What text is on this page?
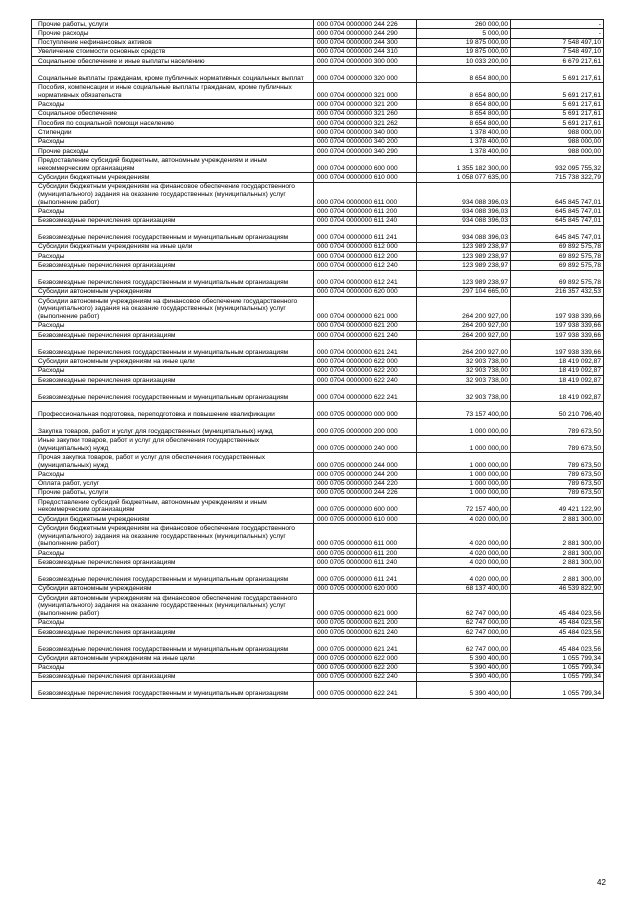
Прочие работы, услуги	000 0704 0000000 244 226	260 000,00	-
Прочие расходы	000 0704 0000000 244 290	5 000,00	-
Поступление нефинансовых активов	000 0704 0000000 244 300	19 875 000,00	7 548 497,10
Увеличение стоимости основных средств	000 0704 0000000 244 310	19 875 000,00	7 548 497,10
Социальное обеспечение и иные выплаты населению	000 0704 0000000 300 000	10 033 200,00	6 679 217,61
Социальные выплаты гражданам, кроме публичных нормативных социальных выплат	000 0704 0000000 320 000	8 654 800,00	5 691 217,61
Пособия, компенсации и иные социальные выплаты гражданам, кроме публичных нормативных обязательств	000 0704 0000000 321 000	8 654 800,00	5 691 217,61
Расходы	000 0704 0000000 321 200	8 654 800,00	5 691 217,61
Социальное обеспечение	000 0704 0000000 321 260	8 654 800,00	5 691 217,61
Пособия по социальной помощи населению	000 0704 0000000 321 262	8 654 800,00	5 691 217,61
Стипендии	000 0704 0000000 340 000	1 378 400,00	988 000,00
Расходы	000 0704 0000000 340 200	1 378 400,00	988 000,00
Прочие расходы	000 0704 0000000 340 290	1 378 400,00	988 000,00
Предоставление субсидий бюджетным, автономным учреждениям и иным некоммерческим организациям	000 0704 0000000 600 000	1 355 182 300,00	932 095 755,32
Субсидии бюджетным учреждениям	000 0704 0000000 610 000	1 058 077 635,00	715 738 322,79
Субсидии бюджетным учреждениям на финансовое обеспечение государственного (муниципального) задания на оказание государственных (муниципальных) услуг (выполнение работ)	000 0704 0000000 611 000	934 088 396,03	645 845 747,01
Расходы	000 0704 0000000 611 200	934 088 396,03	645 845 747,01
Безвозмездные перечисления организациям	000 0704 0000000 611 240	934 088 396,03	645 845 747,01
Безвозмездные перечисления государственным и муниципальным организациям	000 0704 0000000 611 241	934 088 396,03	645 845 747,01
Субсидии бюджетным учреждениям на иные цели	000 0704 0000000 612 000	123 989 238,97	69 892 575,78
Расходы	000 0704 0000000 612 200	123 989 238,97	69 892 575,78
Безвозмездные перечисления организациям	000 0704 0000000 612 240	123 989 238,97	69 892 575,78
Безвозмездные перечисления государственным и муниципальным организациям	000 0704 0000000 612 241	123 989 238,97	69 892 575,78
Субсидии автономным учреждениям	000 0704 0000000 620 000	297 104 665,00	216 357 432,53
Субсидии автономным учреждениям на финансовое обеспечение государственного (муниципального) задания на оказание государственных (муниципальных) услуг (выполнение работ)	000 0704 0000000 621 000	264 200 927,00	197 938 339,66
Расходы	000 0704 0000000 621 200	264 200 927,00	197 938 339,66
Безвозмездные перечисления организациям	000 0704 0000000 621 240	264 200 927,00	197 938 339,66
Безвозмездные перечисления государственным и муниципальным организациям	000 0704 0000000 621 241	264 200 927,00	197 938 339,66
Субсидии автономным учреждениям на иные цели	000 0704 0000000 622 000	32 903 738,00	18 419 092,87
Расходы	000 0704 0000000 622 200	32 903 738,00	18 419 092,87
Безвозмездные перечисления организациям	000 0704 0000000 622 240	32 903 738,00	18 419 092,87
Безвозмездные перечисления государственным и муниципальным организациям	000 0704 0000000 622 241	32 903 738,00	18 419 092,87
Профессиональная подготовка, переподготовка и повышение квалификации	000 0705 0000000 000 000	73 157 400,00	50 210 796,40
Закупка товаров, работ и услуг для государственных (муниципальных) нужд	000 0705 0000000 200 000	1 000 000,00	789 673,50
Иные закупки товаров, работ и услуг для обеспечения государственных (муниципальных) нужд	000 0705 0000000 240 000	1 000 000,00	789 673,50
Прочая закупка товаров, работ и услуг для обеспечения государственных (муниципальных) нужд	000 0705 0000000 244 000	1 000 000,00	789 673,50
Расходы	000 0705 0000000 244 200	1 000 000,00	789 673,50
Оплата работ, услуг	000 0705 0000000 244 220	1 000 000,00	789 673,50
Прочие работы, услуги	000 0705 0000000 244 226	1 000 000,00	789 673,50
Предоставление субсидий бюджетным, автономным учреждениям и иным некоммерческим организациям	000 0705 0000000 600 000	72 157 400,00	49 421 122,90
Субсидии бюджетным учреждениям	000 0705 0000000 610 000	4 020 000,00	2 881 300,00
Субсидии бюджетным учреждениям на финансовое обеспечение государственного (муниципального) задания на оказание государственных (муниципальных) услуг (выполнение работ)	000 0705 0000000 611 000	4 020 000,00	2 881 300,00
Расходы	000 0705 0000000 611 200	4 020 000,00	2 881 300,00
Безвозмездные перечисления организациям	000 0705 0000000 611 240	4 020 000,00	2 881 300,00
Безвозмездные перечисления государственным и муниципальным организациям	000 0705 0000000 611 241	4 020 000,00	2 881 300,00
Субсидии автономным учреждениям	000 0705 0000000 620 000	68 137 400,00	46 539 822,90
Субсидии автономным учреждениям на финансовое обеспечение государственного (муниципального) задания на оказание государственных (муниципальных) услуг (выполнение работ)	000 0705 0000000 621 000	62 747 000,00	45 484 023,56
Расходы	000 0705 0000000 621 200	62 747 000,00	45 484 023,56
Безвозмездные перечисления организациям	000 0705 0000000 621 240	62 747 000,00	45 484 023,56
Безвозмездные перечисления государственным и муниципальным организациям	000 0705 0000000 621 241	62 747 000,00	45 484 023,56
Субсидии автономным учреждениям на иные цели	000 0705 0000000 622 000	5 390 400,00	1 055 799,34
Расходы	000 0705 0000000 622 200	5 390 400,00	1 055 799,34
Безвозмездные перечисления организациям	000 0705 0000000 622 240	5 390 400,00	1 055 799,34
Безвозмездные перечисления государственным и муниципальным организациям	000 0705 0000000 622 241	5 390 400,00	1 055 799,34
42
